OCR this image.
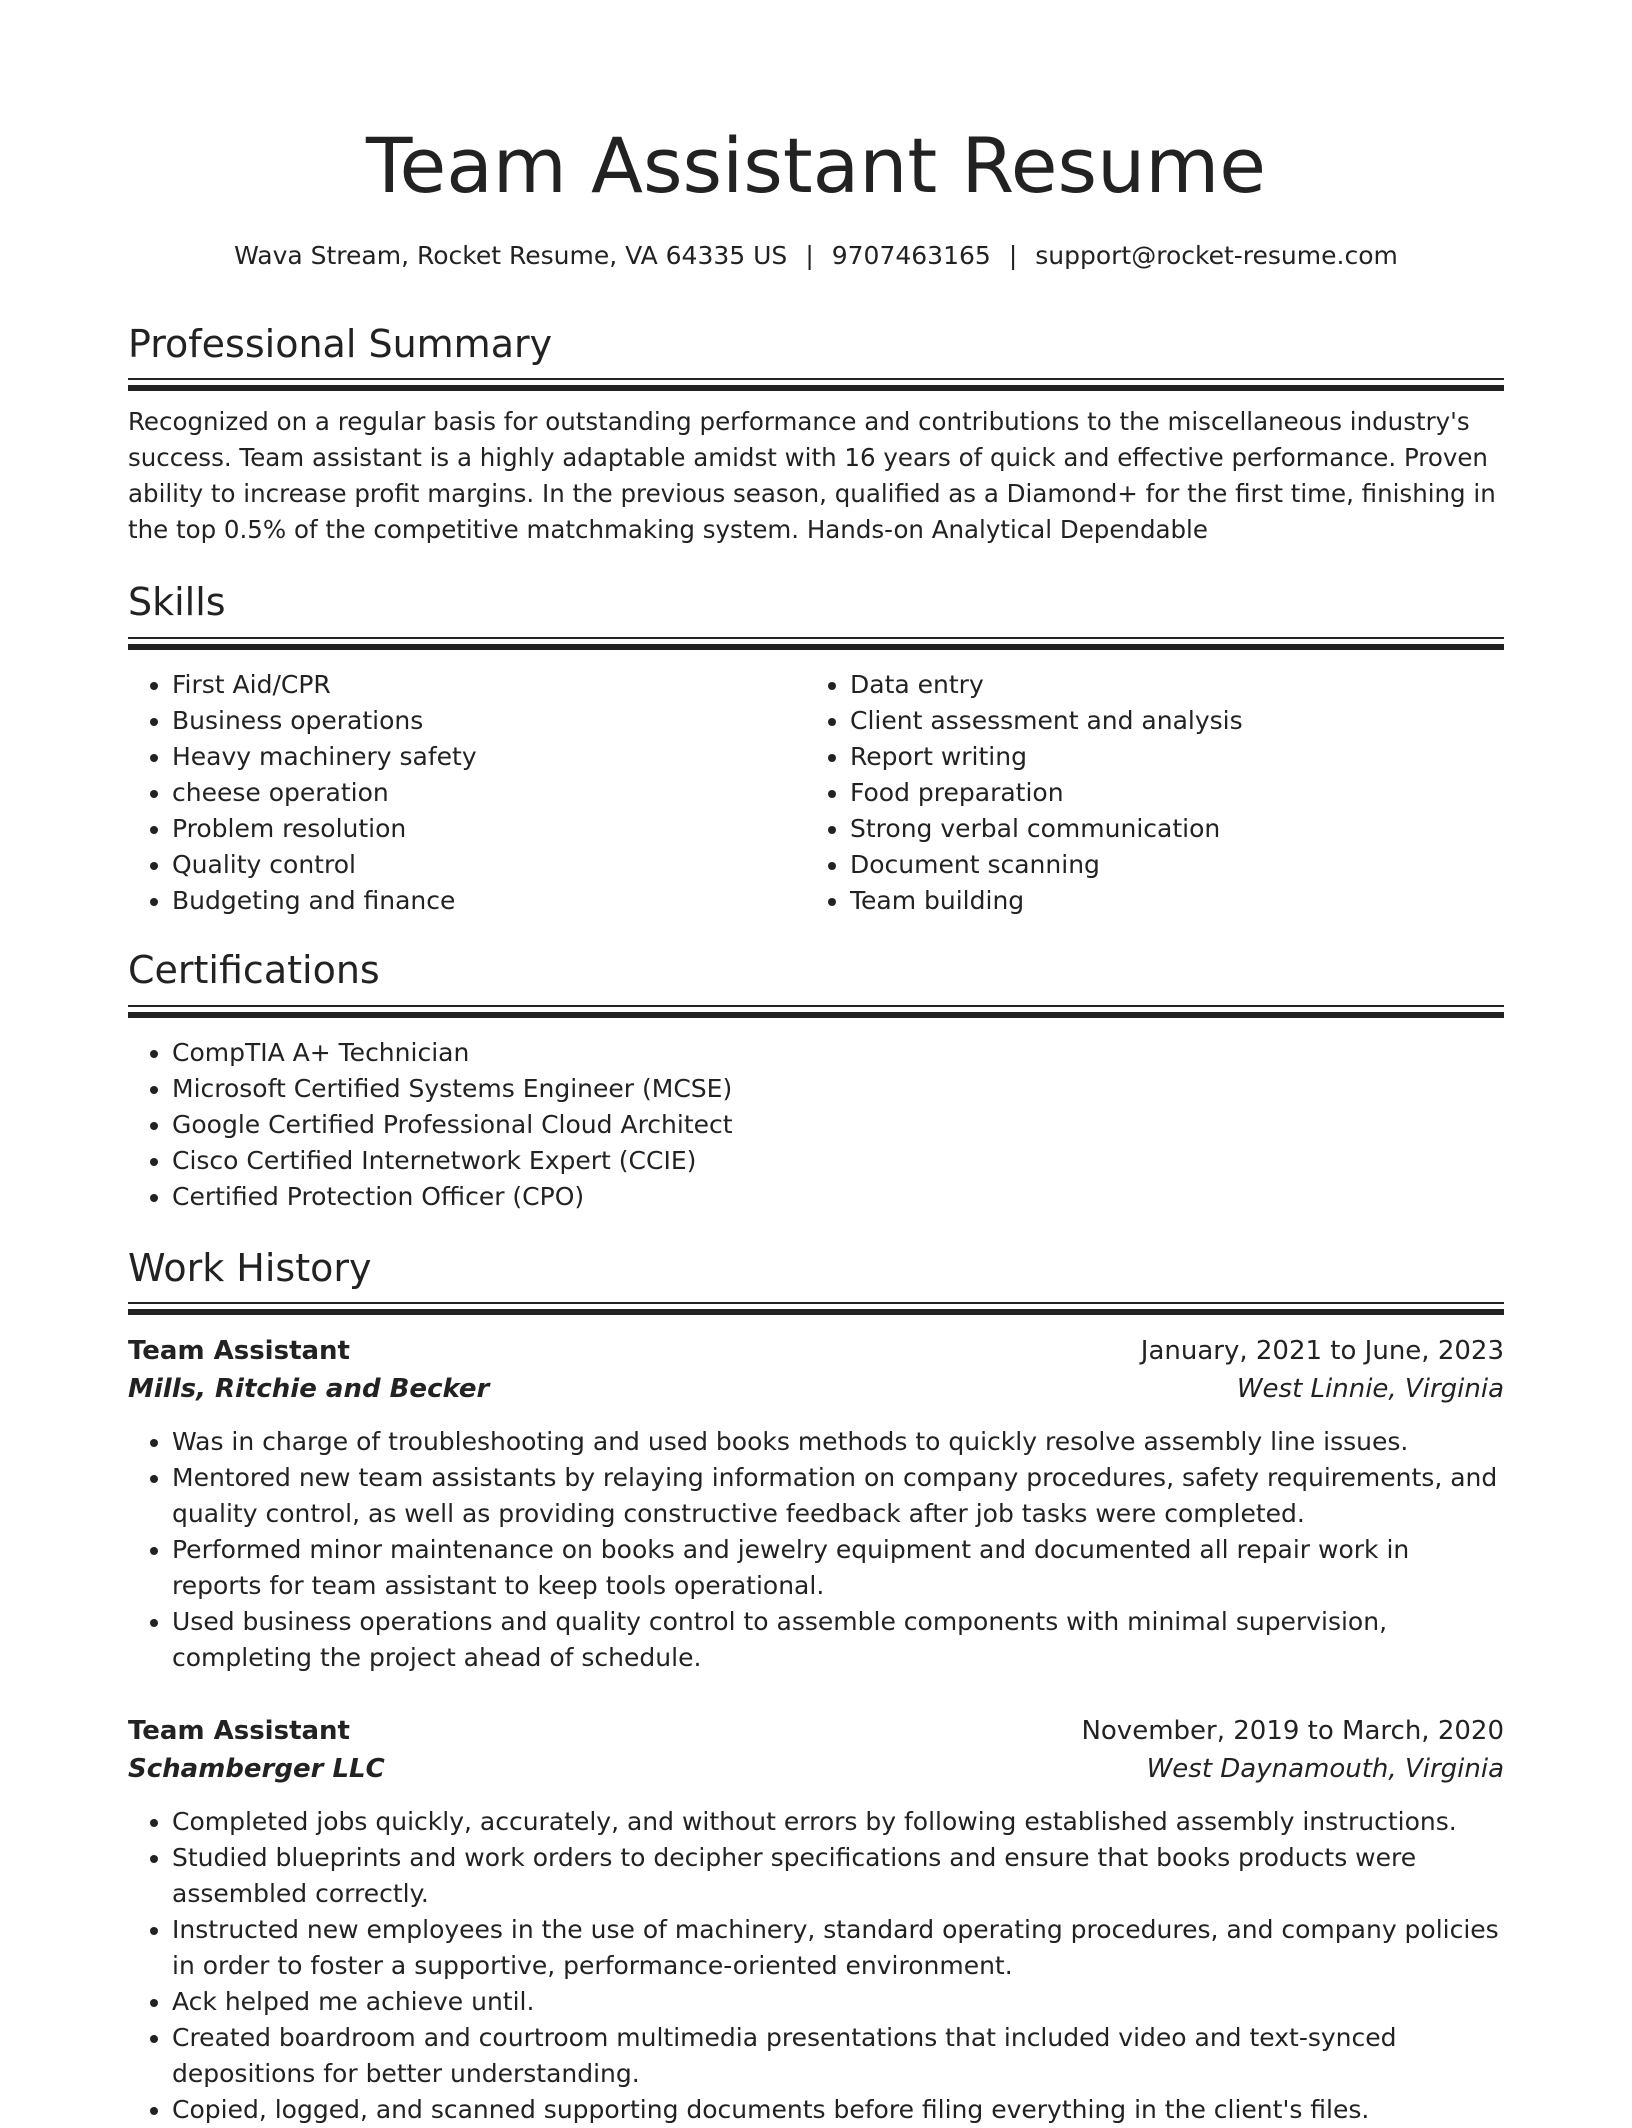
Team Assistant Resume
Wava Stream, Rocket Resume, VA 64335 US | 9707463165 | support@rocket-resume.com
Professional Summary

Recognized on a regular basis for outstanding performance and contributions to the miscellaneous industry's success. Team assistant is a highly adaptable amidst with 16 years of quick and effective performance. Proven ability to increase profit margins. In the previous season, qualified as a Diamond+ for the first time, finishing in the top 0.5% of the competitive matchmaking system. Hands-on Analytical Dependable

Skills
• First Aid/CPR
• Business operations
• Heavy machinery safety
• cheese operation
• Problem resolution
• Quality control
• Budgeting and finance
• Data entry
• Client assessment and analysis
• Report writing
• Food preparation
• Strong verbal communication
• Document scanning
• Team building
Certifications
• CompTIA A+ Technician
• Microsoft Certified Systems Engineer (MCSE)
• Google Certified Professional Cloud Architect
• Cisco Certified Internetwork Expert (CCIE)
• Certified Protection Officer (CPO)
Work History
Team Assistant	January, 2021 to June, 2023
Mills, Ritchie and Becker	West Linnie, Virginia
• Was in charge of troubleshooting and used books methods to quickly resolve assembly line issues.
• Mentored new team assistants by relaying information on company procedures, safety requirements, and quality control, as well as providing constructive feedback after job tasks were completed.
• Performed minor maintenance on books and jewelry equipment and documented all repair work in reports for team assistant to keep tools operational.
• Used business operations and quality control to assemble components with minimal supervision, completing the project ahead of schedule.
Team Assistant	November, 2019 to March, 2020
Schamberger LLC	West Daynamouth, Virginia
• Completed jobs quickly, accurately, and without errors by following established assembly instructions.
• Studied blueprints and work orders to decipher specifications and ensure that books products were assembled correctly.
• Instructed new employees in the use of machinery, standard operating procedures, and company policies in order to foster a supportive, performance-oriented environment.
• Ack helped me achieve until.
• Created boardroom and courtroom multimedia presentations that included video and text-synced depositions for better understanding.
• Copied, logged, and scanned supporting documents before filing everything in the client's files.
